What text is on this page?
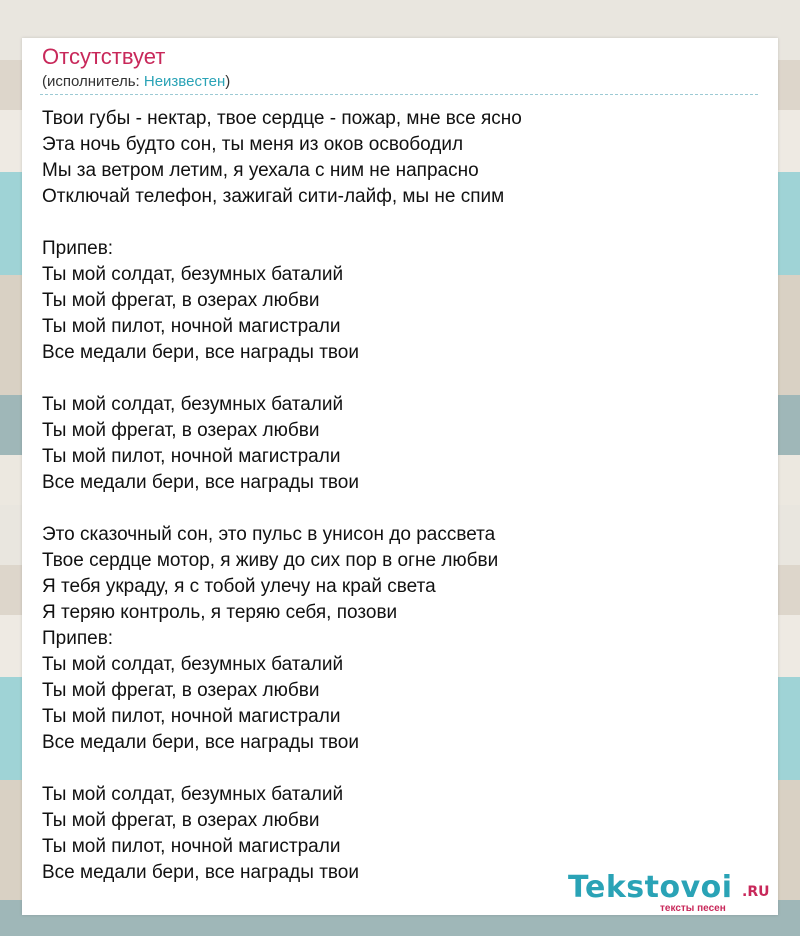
Отсутствует
(исполнитель: Неизвестен)
Твои губы - нектар, твое сердце - пожар, мне все ясно
Эта ночь будто сон, ты меня из оков освободил
Мы за ветром летим, я уехала с ним не напрасно
Отключай телефон, зажигай сити-лайф, мы не спим
Припев:
Ты мой солдат, безумных баталий
Ты мой фрегат, в озерах любви
Ты мой пилот, ночной магистрали
Все медали бери, все награды твои
Ты мой солдат, безумных баталий
Ты мой фрегат, в озерах любви
Ты мой пилот, ночной магистрали
Все медали бери, все награды твои
Это сказочный сон, это пульс в унисон до рассвета
Твое сердце мотор, я живу до сих пор в огне любви
Я тебя украду, я с тобой улечу на край света
Я теряю контроль, я теряю себя, позови
Припев:
Ты мой солдат, безумных баталий
Ты мой фрегат, в озерах любви
Ты мой пилот, ночной магистрали
Все медали бери, все награды твои
Ты мой солдат, безумных баталий
Ты мой фрегат, в озерах любви
Ты мой пилот, ночной магистрали
Все медали бери, все награды твои	Tekstovoi .RU
тексты песен
